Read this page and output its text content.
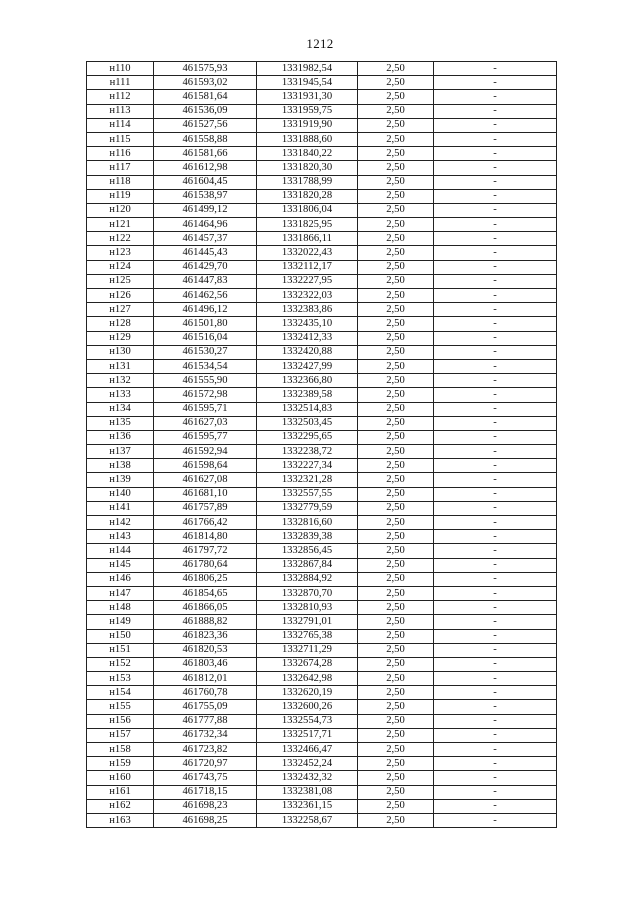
1212
н110	461575,93	1331982,54	2,50	-
н111	461593,02	1331945,54	2,50	-
н112	461581,64	1331931,30	2,50	-
н113	461536,09	1331959,75	2,50	-
н114	461527,56	1331919,90	2,50	-
н115	461558,88	1331888,60	2,50	-
н116	461581,66	1331840,22	2,50	-
н117	461612,98	1331820,30	2,50	-
н118	461604,45	1331788,99	2,50	-
н119	461538,97	1331820,28	2,50	-
н120	461499,12	1331806,04	2,50	-
н121	461464,96	1331825,95	2,50	-
н122	461457,37	1331866,11	2,50	-
н123	461445,43	1332022,43	2,50	-
н124	461429,70	1332112,17	2,50	-
н125	461447,83	1332227,95	2,50	-
н126	461462,56	1332322,03	2,50	-
н127	461496,12	1332383,86	2,50	-
н128	461501,80	1332435,10	2,50	-
н129	461516,04	1332412,33	2,50	-
н130	461530,27	1332420,88	2,50	-
н131	461534,54	1332427,99	2,50	-
н132	461555,90	1332366,80	2,50	-
н133	461572,98	1332389,58	2,50	-
н134	461595,71	1332514,83	2,50	-
н135	461627,03	1332503,45	2,50	-
н136	461595,77	1332295,65	2,50	-
н137	461592,94	1332238,72	2,50	-
н138	461598,64	1332227,34	2,50	-
н139	461627,08	1332321,28	2,50	-
н140	461681,10	1332557,55	2,50	-
н141	461757,89	1332779,59	2,50	-
н142	461766,42	1332816,60	2,50	-
н143	461814,80	1332839,38	2,50	-
н144	461797,72	1332856,45	2,50	-
н145	461780,64	1332867,84	2,50	-
н146	461806,25	1332884,92	2,50	-
н147	461854,65	1332870,70	2,50	-
н148	461866,05	1332810,93	2,50	-
н149	461888,82	1332791,01	2,50	-
н150	461823,36	1332765,38	2,50	-
н151	461820,53	1332711,29	2,50	-
н152	461803,46	1332674,28	2,50	-
н153	461812,01	1332642,98	2,50	-
н154	461760,78	1332620,19	2,50	-
н155	461755,09	1332600,26	2,50	-
н156	461777,88	1332554,73	2,50	-
н157	461732,34	1332517,71	2,50	-
н158	461723,82	1332466,47	2,50	-
н159	461720,97	1332452,24	2,50	-
н160	461743,75	1332432,32	2,50	-
н161	461718,15	1332381,08	2,50	-
н162	461698,23	1332361,15	2,50	-
н163	461698,25	1332258,67	2,50	-
